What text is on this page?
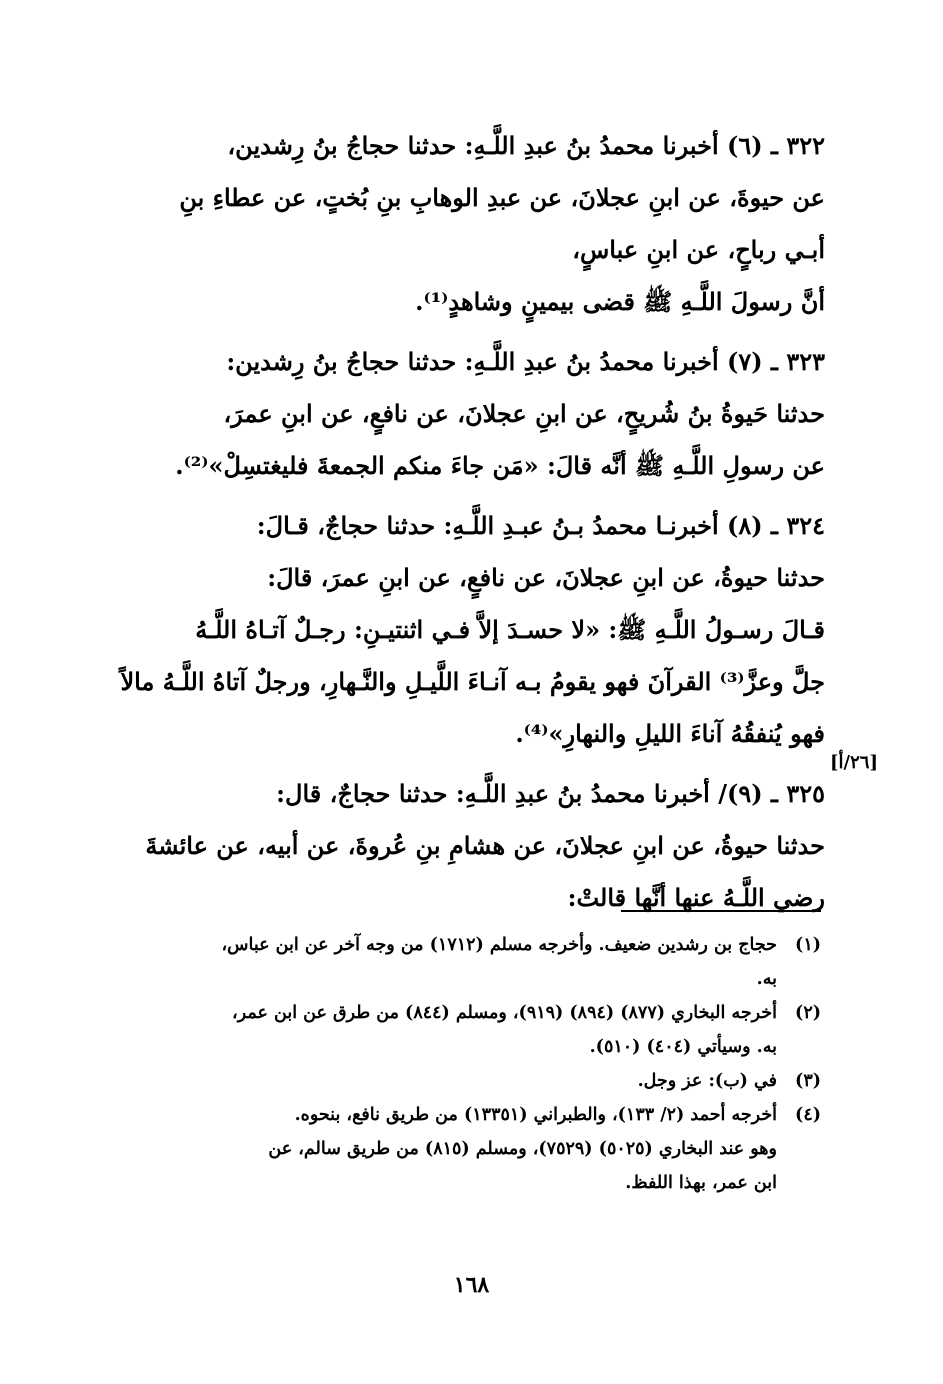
٣٢٢ ـ (٦) أخبرنا محمدُ بنُ عبدِ اللَّـهِ: حدثنا حجاجُ بنُ رِشدين،

عن حيوةَ، عن ابنِ عجلانَ، عن عبدِ الوهابِ بنِ بُختٍ، عن عطاءِ بنِ

أبـي رباحٍ، عن ابنِ عباسٍ،

أنَّ رسولَ اللَّـهِ ﷺ قضى بيمينٍ وشاهدٍ⁽¹⁾.

٣٢٣ ـ (٧) أخبرنا محمدُ بنُ عبدِ اللَّـهِ: حدثنا حجاجُ بنُ رِشدين:

حدثنا حَيوةُ بنُ شُريحٍ، عن ابنِ عجلانَ، عن نافعٍ، عن ابنِ عمرَ،

عن رسولِ اللَّـهِ ﷺ أنَّه قالَ: «مَن جاءَ منكم الجمعةَ فليغتسِلْ»⁽²⁾.

٣٢٤ ـ (٨) أخبرنـا محمدُ بـنُ عبـدِ اللَّـهِ: حدثنا حجاجٌ، قـالَ:

حدثنا حيوةُ، عن ابنِ عجلانَ، عن نافعٍ، عن ابنِ عمرَ، قالَ:

قـالَ رسـولُ اللَّـهِ ﷺ: «لا حسـدَ إلاَّ فـي اثنتيـنِ: رجـلٌ آتـاهُ اللَّـهُ

جلَّ وعزَّ⁽³⁾ القرآنَ فهو يقومُ بـه آنـاءَ اللَّيـلِ والنَّـهارِ، ورجلٌ آتاهُ اللَّـهُ مالاً

فهو يُنفقُهُ آناءَ الليلِ والنهارِ»⁽⁴⁾.

٣٢٥ ـ (٩)/ أخبرنا محمدُ بنُ عبدِ اللَّـهِ: حدثنا حجاجٌ، قال:

حدثنا حيوةُ، عن ابنِ عجلانَ، عن هشامِ بنِ عُروةَ، عن أبيه، عن عائشةَ

رضي اللَّـهُ عنها أنَّها قالتْ:

[٢٦/أ]
(١)
حجاج بن رشدين ضعيف. وأخرجه مسلم (١٧١٢) من وجه آخر عن ابن عباس،
به.
(٢)
أخرجه البخاري (٨٧٧) (٨٩٤) (٩١٩)، ومسلم (٨٤٤) من طرق عن ابن عمر،
به. وسيأتي (٤٠٤) (٥١٠).
(٣)
في (ب): عز وجل.
(٤)
أخرجه أحمد (٢/ ١٣٣)، والطبراني (١٣٣٥١) من طريق نافع، بنحوه.
وهو عند البخاري (٥٠٢٥) (٧٥٢٩)، ومسلم (٨١٥) من طريق سالم، عن
ابن عمر، بهذا اللفظ.
١٦٨
